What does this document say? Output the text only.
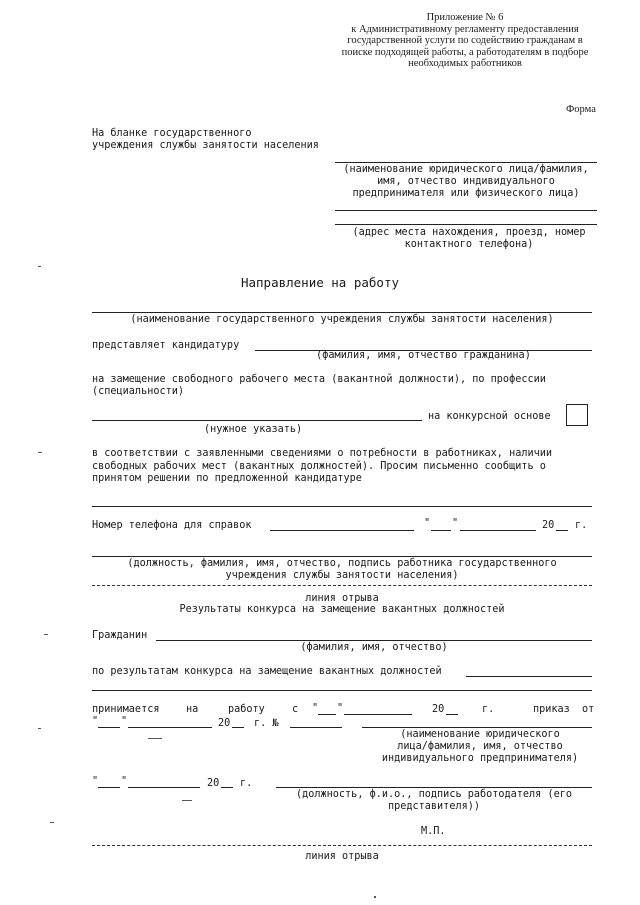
Приложение № 6
к Административному регламенту предоставления
государственной услуги по содействию гражданам в
поиске подходящей работы, а работодателям в подборе
необходимых работников
Форма
На бланке государственного
учреждения службы занятости населения
(наименование юридического лица/фамилия,
имя, отчество индивидуального
предпринимателя или физического лица)
(адрес места нахождения, проезд, номер
контактного телефона)
Направление на работу
(наименование государственного учреждения службы занятости населения)
представляет кандидатуру
(фамилия, имя, отчество гражданина)
на замещение свободного рабочего места (вакантной должности), по профессии
(специальности)
на конкурсной основе
(нужное указать)
в соответствии с заявленными сведениями о потребности в работниках, наличии
свободных рабочих мест (вакантных должностей). Просим письменно сообщить о
принятом решении по предложенной кандидатуре
Номер телефона для справок	" "	20 г.
(должность, фамилия, имя, отчество, подпись работника государственного
учреждения службы занятости населения)
линия отрыва
Результаты конкурса на замещение вакантных должностей
Гражданин
(фамилия, имя, отчество)
по результатам конкурса на замещение вакантных должностей
принимается	на	работу	с " "	20	г.	приказ от
" "	20 г. №
(наименование юридического
лица/фамилия, имя, отчество
индивидуального предпринимателя)
" "	20 г.
(должность, ф.и.о., подпись работодателя (его
представителя))
М.П.
линия отрыва
